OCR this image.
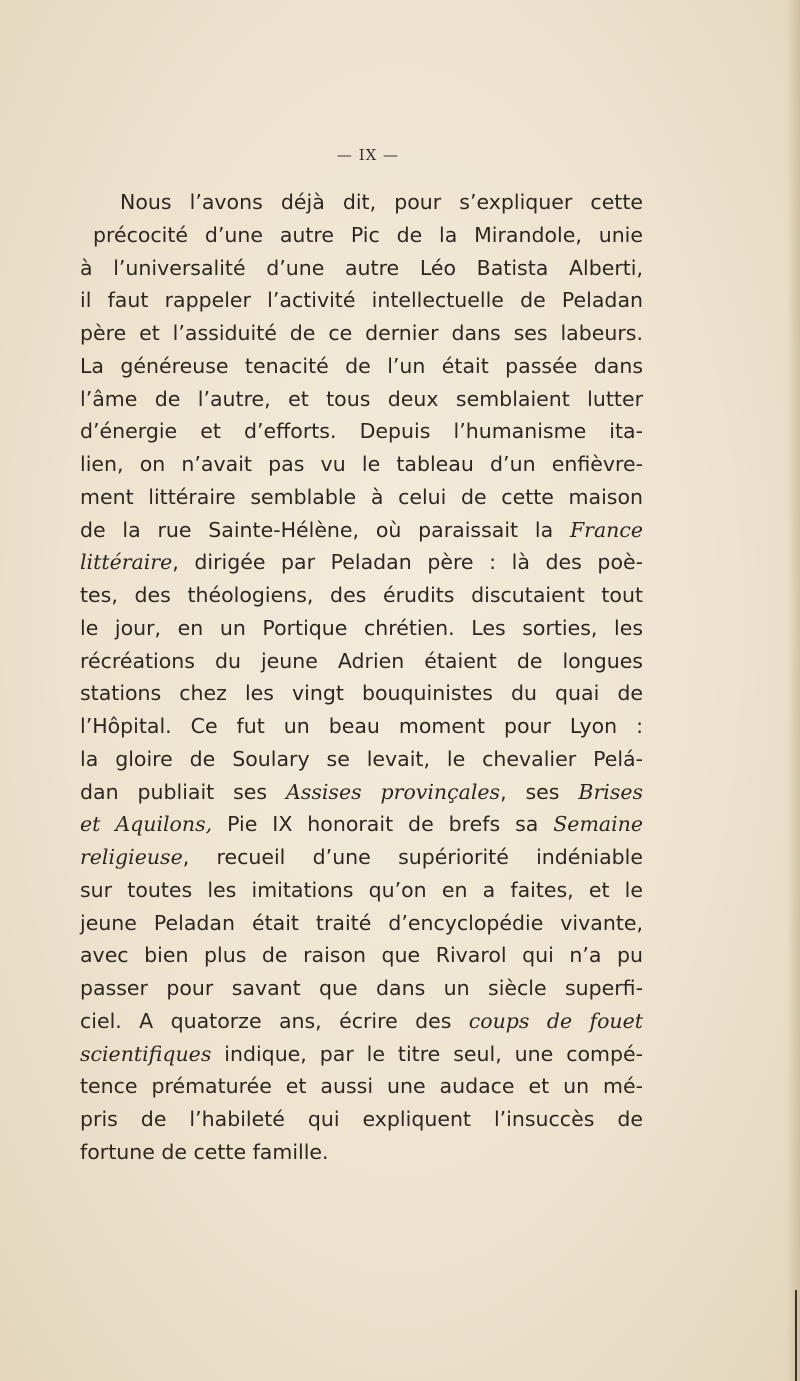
— IX —
Nous l’avons déjà dit, pour s’expliquer cette
précocité d’une autre Pic de la Mirandole, unie
à l’universalité d’une autre Léo Batista Alberti,
il faut rappeler l’activité intellectuelle de Peladan
père et l’assiduité de ce dernier dans ses labeurs.
La généreuse tenacité de l’un était passée dans
l’âme de l’autre, et tous deux semblaient lutter
d’énergie et d’efforts. Depuis l’humanisme ita-
lien, on n’avait pas vu le tableau d’un enfièvre-
ment littéraire semblable à celui de cette maison
de la rue Sainte-Hélène, où paraissait la France
littéraire, dirigée par Peladan père : là des poè-
tes, des théologiens, des érudits discutaient tout
le jour, en un Portique chrétien. Les sorties, les
récréations du jeune Adrien étaient de longues
stations chez les vingt bouquinistes du quai de
l’Hôpital. Ce fut un beau moment pour Lyon :
la gloire de Soulary se levait, le chevalier Pelá-
dan publiait ses Assises provinçales, ses Brises
et Aquilons, Pie IX honorait de brefs sa Semaine
religieuse, recueil d’une supériorité indéniable
sur toutes les imitations qu’on en a faites, et le
jeune Peladan était traité d’encyclopédie vivante,
avec bien plus de raison que Rivarol qui n’a pu
passer pour savant que dans un siècle superfi-
ciel. A quatorze ans, écrire des coups de fouet
scientifiques indique, par le titre seul, une compé-
tence prématurée et aussi une audace et un mé-
pris de l’habileté qui expliquent l’insuccès de
fortune de cette famille.
